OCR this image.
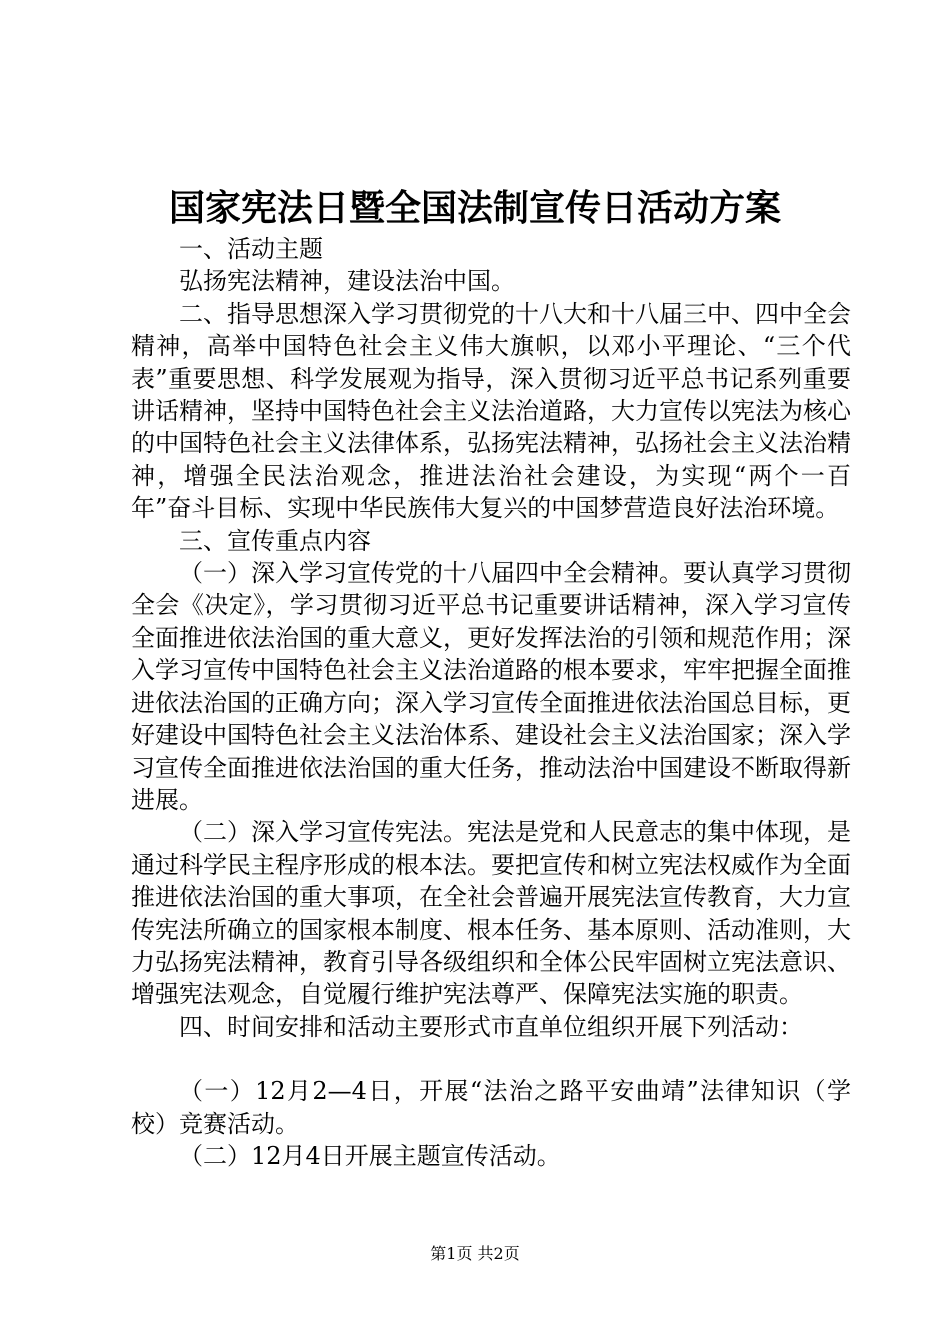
国家宪法日暨全国法制宣传日活动方案

一、活动主题

弘扬宪法精神，建设法治中国。

二、指导思想深入学习贯彻党的十八大和十八届三中、四中全会精神，高举中国特色社会主义伟大旗帜，以邓小平理论、“三个代表”重要思想、科学发展观为指导，深入贯彻习近平总书记系列重要讲话精神，坚持中国特色社会主义法治道路，大力宣传以宪法为核心的中国特色社会主义法律体系，弘扬宪法精神，弘扬社会主义法治精神，增强全民法治观念，推进法治社会建设，为实现“两个一百年”奋斗目标、实现中华民族伟大复兴的中国梦营造良好法治环境。

三、宣传重点内容

（一）深入学习宣传党的十八届四中全会精神。要认真学习贯彻全会《决定》，学习贯彻习近平总书记重要讲话精神，深入学习宣传全面推进依法治国的重大意义，更好发挥法治的引领和规范作用；深入学习宣传中国特色社会主义法治道路的根本要求，牢牢把握全面推进依法治国的正确方向；深入学习宣传全面推进依法治国总目标，更好建设中国特色社会主义法治体系、建设社会主义法治国家；深入学习宣传全面推进依法治国的重大任务，推动法治中国建设不断取得新进展。

（二）深入学习宣传宪法。宪法是党和人民意志的集中体现，是通过科学民主程序形成的根本法。要把宣传和树立宪法权威作为全面推进依法治国的重大事项，在全社会普遍开展宪法宣传教育，大力宣传宪法所确立的国家根本制度、根本任务、基本原则、活动准则，大力弘扬宪法精神，教育引导各级组织和全体公民牢固树立宪法意识、增强宪法观念，自觉履行维护宪法尊严、保障宪法实施的职责。

四、时间安排和活动主要形式市直单位组织开展下列活动：

（一）12月2—4日，开展“法治之路平安曲靖”法律知识（学校）竞赛活动。

（二）12月4日开展主题宣传活动。

第1页 共2页
